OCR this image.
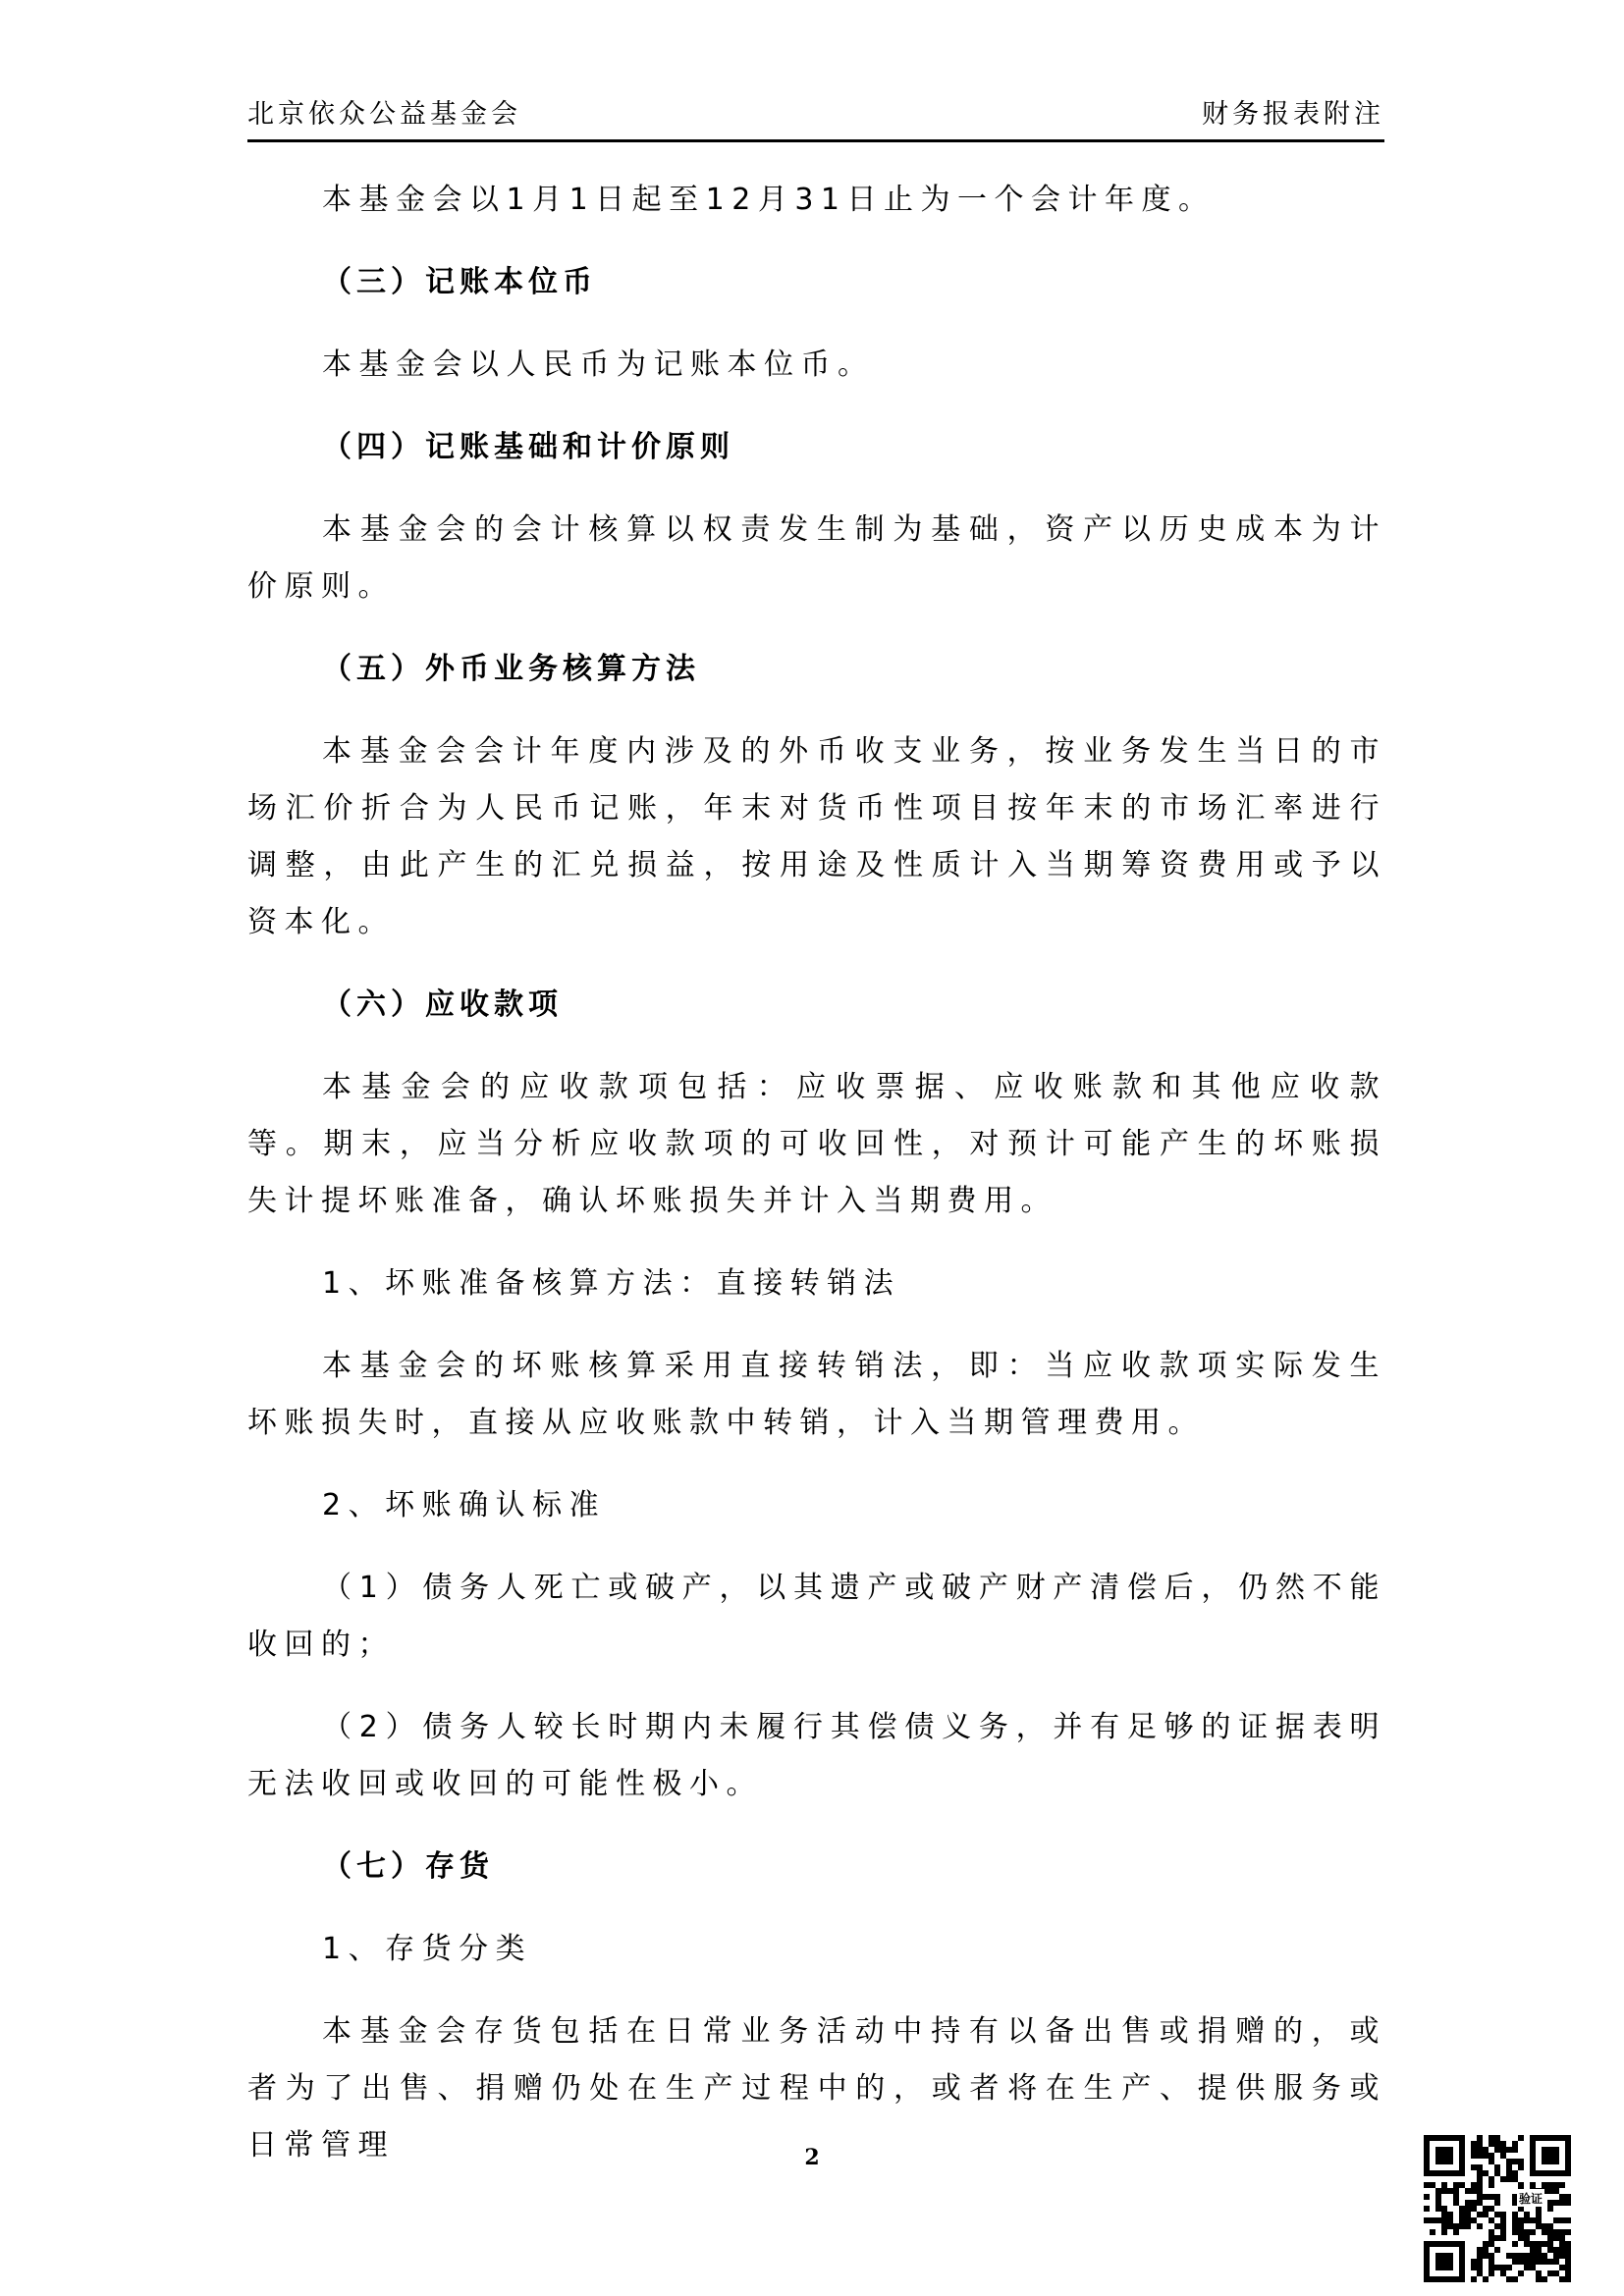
北京依众公益基金会	财务报表附注

本基金会以1月1日起至12月31日止为一个会计年度。

（三）记账本位币

本基金会以人民币为记账本位币。

（四）记账基础和计价原则

本基金会的会计核算以权责发生制为基础，资产以历史成本为计价原则。

（五）外币业务核算方法

本基金会会计年度内涉及的外币收支业务，按业务发生当日的市场汇价折合为人民币记账，年末对货币性项目按年末的市场汇率进行调整，由此产生的汇兑损益，按用途及性质计入当期筹资费用或予以资本化。

（六）应收款项

本基金会的应收款项包括：应收票据、应收账款和其他应收款等。期末，应当分析应收款项的可收回性，对预计可能产生的坏账损失计提坏账准备，确认坏账损失并计入当期费用。

1、坏账准备核算方法：直接转销法

本基金会的坏账核算采用直接转销法，即：当应收款项实际发生坏账损失时，直接从应收账款中转销，计入当期管理费用。

2、坏账确认标准

（1）债务人死亡或破产，以其遗产或破产财产清偿后，仍然不能收回的；

（2）债务人较长时期内未履行其偿债义务，并有足够的证据表明无法收回或收回的可能性极小。

（七）存货

1、存货分类

本基金会存货包括在日常业务活动中持有以备出售或捐赠的，或者为了出售、捐赠仍处在生产过程中的，或者将在生产、提供服务或日常管理	2
验证
